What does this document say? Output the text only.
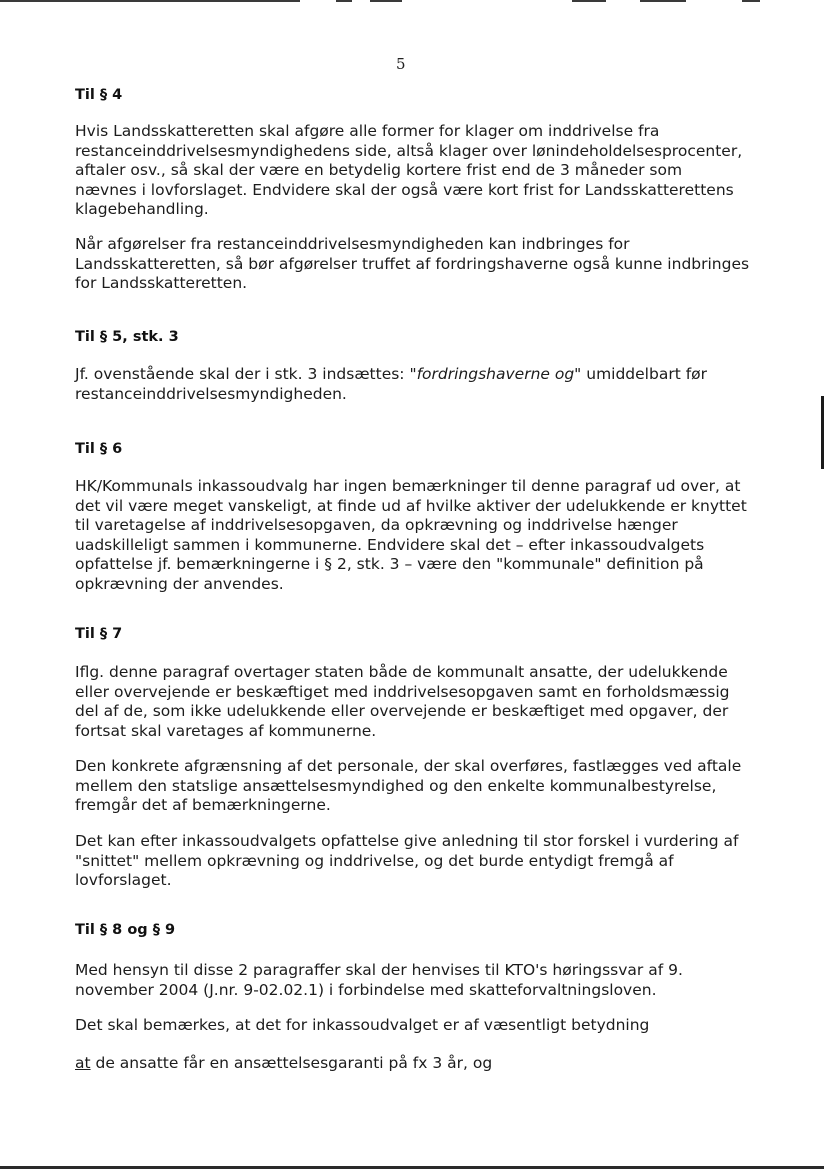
5
Til § 4
Hvis Landsskatteretten skal afgøre alle former for klager om inddrivelse fra
restanceinddrivelsesmyndighedens side, altså klager over lønindeholdelsesprocenter,
aftaler osv., så skal der være en betydelig kortere frist end de 3 måneder som
nævnes i lovforslaget. Endvidere skal der også være kort frist for Landsskatterettens
klagebehandling.
Når afgørelser fra restanceinddrivelsesmyndigheden kan indbringes for
Landsskatteretten, så bør afgørelser truffet af fordringshaverne også kunne indbringes
for Landsskatteretten.
Til § 5, stk. 3
Jf. ovenstående skal der i stk. 3 indsættes: "fordringshaverne og" umiddelbart før
restanceinddrivelsesmyndigheden.
Til § 6
HK/Kommunals inkassoudvalg har ingen bemærkninger til denne paragraf ud over, at
det vil være meget vanskeligt, at finde ud af hvilke aktiver der udelukkende er knyttet
til varetagelse af inddrivelsesopgaven, da opkrævning og inddrivelse hænger
uadskilleligt sammen i kommunerne. Endvidere skal det – efter inkassoudvalgets
opfattelse jf. bemærkningerne i § 2, stk. 3 – være den "kommunale" definition på
opkrævning der anvendes.
Til § 7
Iflg. denne paragraf overtager staten både de kommunalt ansatte, der udelukkende
eller overvejende er beskæftiget med inddrivelsesopgaven samt en forholdsmæssig
del af de, som ikke udelukkende eller overvejende er beskæftiget med opgaver, der
fortsat skal varetages af kommunerne.
Den konkrete afgrænsning af det personale, der skal overføres, fastlægges ved aftale
mellem den statslige ansættelsesmyndighed og den enkelte kommunalbestyrelse,
fremgår det af bemærkningerne.
Det kan efter inkassoudvalgets opfattelse give anledning til stor forskel i vurdering af
"snittet" mellem opkrævning og inddrivelse, og det burde entydigt fremgå af
lovforslaget.
Til § 8 og § 9
Med hensyn til disse 2 paragraffer skal der henvises til KTO's høringssvar af 9.
november 2004 (J.nr. 9-02.02.1) i forbindelse med skatteforvaltningsloven.
Det skal bemærkes, at det for inkassoudvalget er af væsentligt betydning
at de ansatte får en ansættelsesgaranti på fx 3 år, og
